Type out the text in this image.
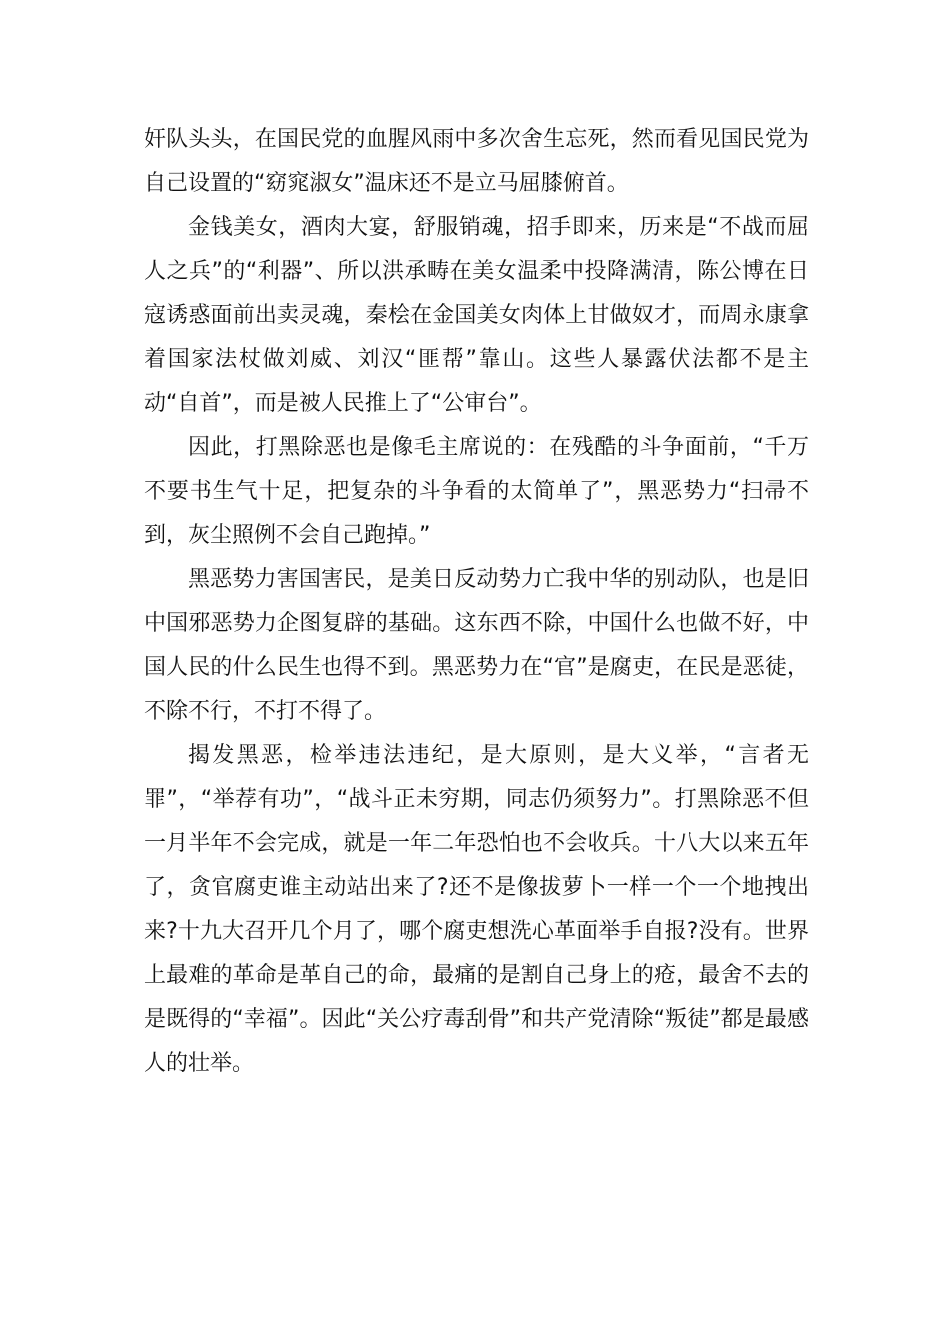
奸队头头，在国民党的血腥风雨中多次舍生忘死，然而看见国民党为自己设置的“窈窕淑女”温床还不是立马屈膝俯首。

金钱美女，酒肉大宴，舒服销魂，招手即来，历来是“不战而屈人之兵”的“利器”、所以洪承畴在美女温柔中投降满清，陈公博在日寇诱惑面前出卖灵魂，秦桧在金国美女肉体上甘做奴才，而周永康拿着国家法杖做刘威、刘汉“匪帮”靠山。这些人暴露伏法都不是主动“自首”，而是被人民推上了“公审台”。

因此，打黑除恶也是像毛主席说的：在残酷的斗争面前，“千万不要书生气十足，把复杂的斗争看的太简单了”，黑恶势力“扫帚不到，灰尘照例不会自己跑掉。”

黑恶势力害国害民，是美日反动势力亡我中华的别动队，也是旧中国邪恶势力企图复辟的基础。这东西不除，中国什么也做不好，中国人民的什么民生也得不到。黑恶势力在“官”是腐吏，在民是恶徒，不除不行，不打不得了。

揭发黑恶，检举违法违纪，是大原则，是大义举，“言者无罪”，“举荐有功”，“战斗正未穷期，同志仍须努力”。打黑除恶不但一月半年不会完成，就是一年二年恐怕也不会收兵。十八大以来五年了，贪官腐吏谁主动站出来了?还不是像拔萝卜一样一个一个地拽出来?十九大召开几个月了，哪个腐吏想洗心革面举手自报?没有。世界上最难的革命是革自己的命，最痛的是割自己身上的疮，最舍不去的是既得的“幸福”。因此“关公疗毒刮骨”和共产党清除“叛徒”都是最感人的壮举。
